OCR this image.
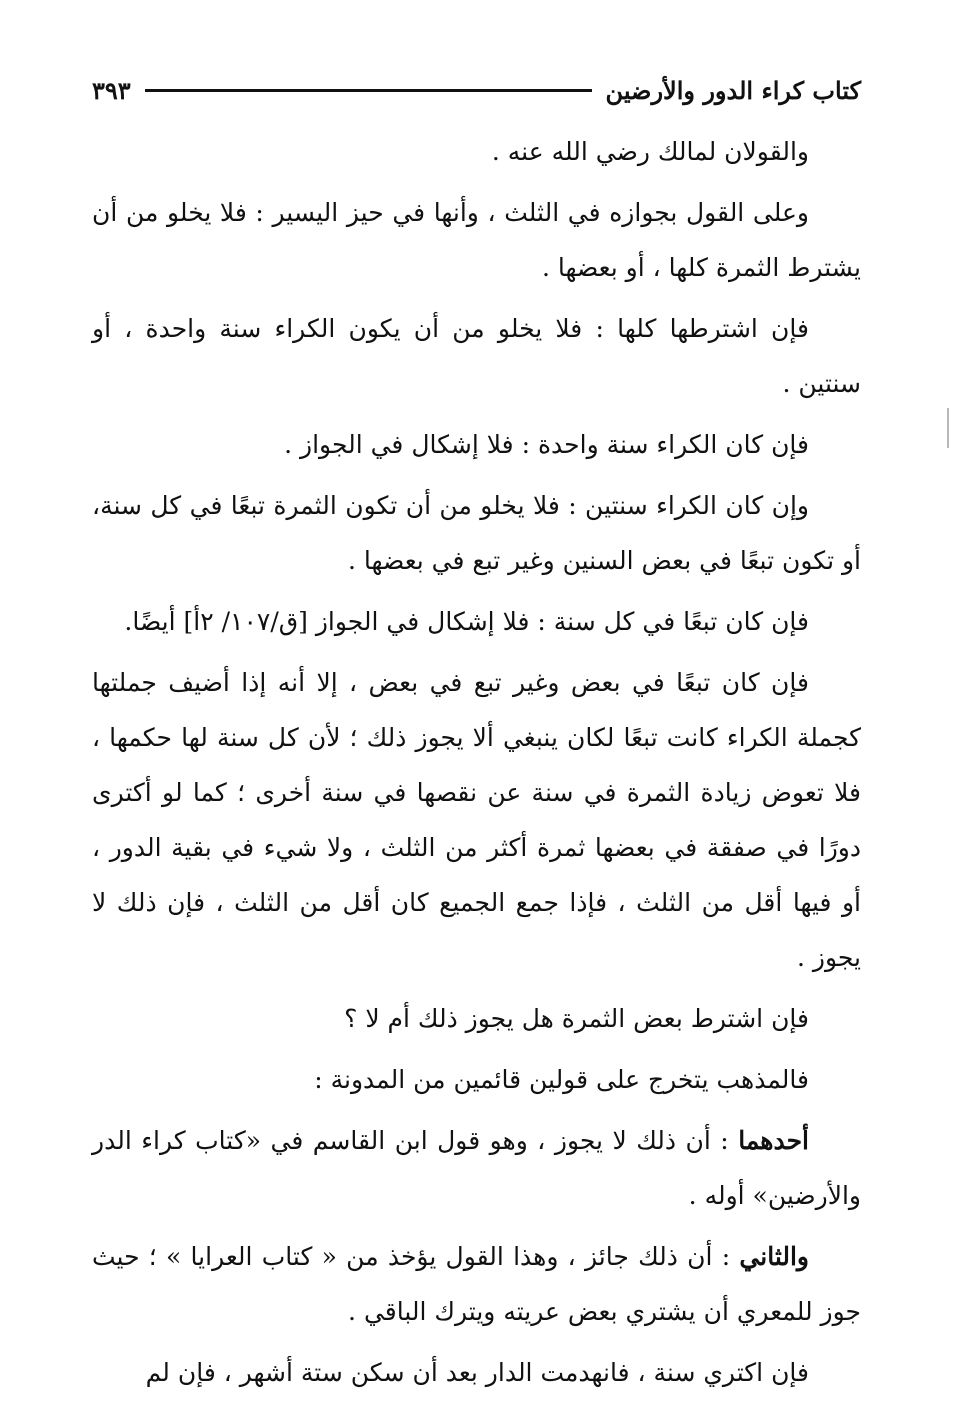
كتاب كراء الدور والأرضين
٣٩٣

والقولان لمالك رضي الله عنه .

وعلى القول بجوازه في الثلث ، وأنها في حيز اليسير : فلا يخلو من أن يشترط الثمرة كلها ، أو بعضها .

فإن اشترطها كلها : فلا يخلو من أن يكون الكراء سنة واحدة ، أو سنتين .

فإن كان الكراء سنة واحدة : فلا إشكال في الجواز .

وإن كان الكراء سنتين : فلا يخلو من أن تكون الثمرة تبعًا في كل سنة، أو تكون تبعًا في بعض السنين وغير تبع في بعضها .

فإن كان تبعًا في كل سنة : فلا إشكال في الجواز [ق/١٠٧/ ٢أ] أيضًا.

فإن كان تبعًا في بعض وغير تبع في بعض ، إلا أنه إذا أضيف جملتها كجملة الكراء كانت تبعًا لكان ينبغي ألا يجوز ذلك ؛ لأن كل سنة لها حكمها ، فلا تعوض زيادة الثمرة في سنة عن نقصها في سنة أخرى ؛ كما لو أكترى دورًا في صفقة في بعضها ثمرة أكثر من الثلث ، ولا شيء في بقية الدور ، أو فيها أقل من الثلث ، فإذا جمع الجميع كان أقل من الثلث ، فإن ذلك لا يجوز .

فإن اشترط بعض الثمرة هل يجوز ذلك أم لا ؟

فالمذهب يتخرج على قولين قائمين من المدونة :

أحدهما : أن ذلك لا يجوز ، وهو قول ابن القاسم في «كتاب كراء الدر والأرضين» أوله .

والثاني : أن ذلك جائز ، وهذا القول يؤخذ من « كتاب العرايا » ؛ حيث جوز للمعري أن يشتري بعض عريته ويترك الباقي .

فإن اكتري سنة ، فانهدمت الدار بعد أن سكن ستة أشهر ، فإن لم
